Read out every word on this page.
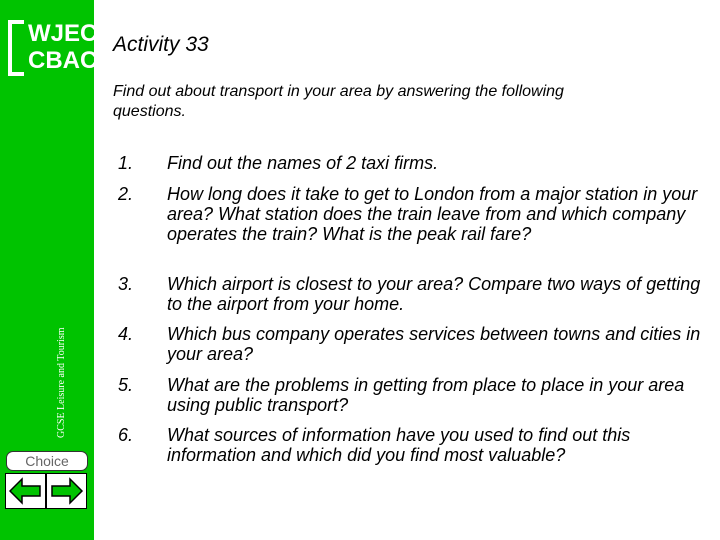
WJEC
CBAC
GCSE Leisure and Tourism
Choice
Activity 33
Find out about transport in your area by answering the following questions.
1.	Find out the names of 2 taxi firms.
2.	How long does it take to get to London from a major station in your area? What station does the train leave from and which company operates the train? What is the peak rail fare?
3.	Which airport is closest to your area? Compare two ways of getting to the airport from your home.
4.	Which bus company operates services between towns and cities in your area?
5.	What are the problems in getting from place to place in your area using public transport?
6.	What sources of information have you used to find out this information and which did you find most valuable?
